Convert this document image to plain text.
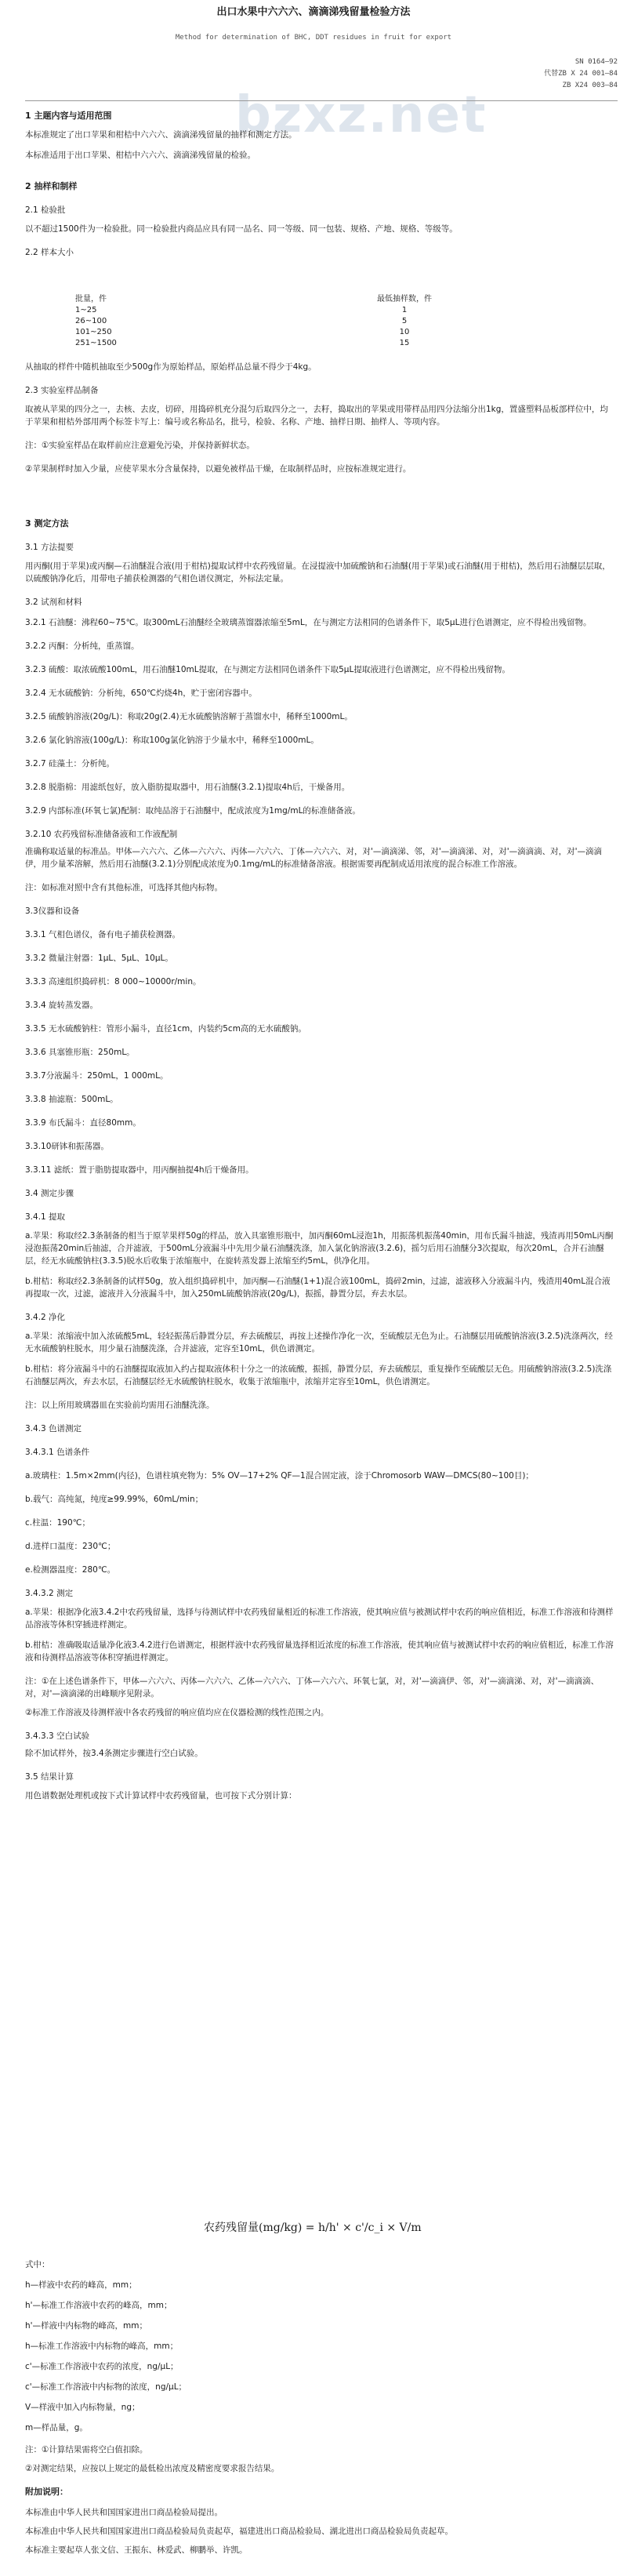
出口水果中六六六、滴滴涕残留量检验方法
Method for determination of BHC, DDT residues in fruit for export
SN 0164—92
代替ZB X 24 001—84
ZB X24 003—84
bzxz.net

1 主题内容与适用范围

本标准规定了出口苹果和柑桔中六六六、滴滴涕残留量的抽样和测定方法。

本标准适用于出口苹果、柑桔中六六六、滴滴涕残留量的检验。

2 抽样和制样

2.1 检验批

以不超过1500件为一检验批。同一检验批内商品应具有同一品名、同一等级、同一包装、规格、产地、规格、等级等。

2.2 样本大小

批量，件	最低抽样数，件
1~25	1
26~100	5
101~250	10
251~1500	15

从抽取的样件中随机抽取至少500g作为原始样品，原始样品总量不得少于4kg。

2.3 实验室样品制备

取被从苹果的四分之一，去核、去皮，切碎，用捣碎机充分混匀后取四分之一，去籽，捣取出的苹果或用带样品用四分法缩分出1kg，置盛塑料品板部样位中，均于苹果和柑桔外部用两个标签卡写上：编号或名称品名，批号，检验、名称、产地、抽样日期、抽样人、等项内容。

注：①实验室样品在取样前应注意避免污染，并保持新鲜状态。

②苹果制样时加入少量，应使苹果水分含量保持，以避免被样品干燥，在取制样品时，应按标准规定进行。

3 测定方法

3.1 方法提要

用丙酮(用于苹果)或丙酮—石油醚混合液(用于柑桔)提取试样中农药残留量。在浸提液中加硫酸钠和石油醚(用于苹果)或石油醚(用于柑桔)，然后用石油醚层层取，以硫酸钠净化后，用带电子捕获检测器的气相色谱仪测定，外标法定量。

3.2 试剂和材料

3.2.1 石油醚：沸程60~75℃。取300mL石油醚经全玻璃蒸馏器浓缩至5mL，在与测定方法相同的色谱条件下，取5μL进行色谱测定，应不得检出残留物。

3.2.2 丙酮：分析纯，重蒸馏。

3.2.3 硫酸：取浓硫酸100mL，用石油醚10mL提取，在与测定方法相同色谱条件下取5μL提取液进行色谱测定，应不得检出残留物。

3.2.4 无水硫酸钠：分析纯，650℃灼烧4h，贮于密闭容器中。

3.2.5 硫酸钠溶液(20g/L)：称取20g(2.4)无水硫酸钠溶解于蒸馏水中，稀释至1000mL。

3.2.6 氯化钠溶液(100g/L)：称取100g氯化钠溶于少量水中，稀释至1000mL。

3.2.7 硅藻土：分析纯。

3.2.8 脱脂棉：用滤纸包好，放入脂肪提取器中，用石油醚(3.2.1)提取4h后，干燥备用。

3.2.9 内部标准(环氧七氯)配制：取纯品溶于石油醚中，配成浓度为1mg/mL的标准储备液。

3.2.10 农药残留标准储备液和工作液配制

准确称取适量的标准品。甲体—六六六、乙体—六六六、丙体—六六六、丁体—六六六、对，对'—滴滴涕、邻，对'—滴滴涕、对，对'—滴滴滴、对，对'—滴滴伊，用少量苯溶解，然后用石油醚(3.2.1)分别配成浓度为0.1mg/mL的标准储备溶液。根据需要再配制成适用浓度的混合标准工作溶液。

注：如标准对照中含有其他标准，可选择其他内标物。

3.3仪器和设备

3.3.1 气相色谱仪，备有电子捕获检测器。

3.3.2 微量注射器：1μL、5μL、10μL。

3.3.3 高速组织捣碎机：8 000~10000r/min。

3.3.4 旋转蒸发器。

3.3.5 无水硫酸钠柱：管形小漏斗，直径1cm，内装约5cm高的无水硫酸钠。

3.3.6 具塞锥形瓶：250mL。

3.3.7分液漏斗：250mL，1 000mL。

3.3.8 抽滤瓶：500mL。

3.3.9 布氏漏斗：直径80mm。

3.3.10研钵和振荡器。

3.3.11 滤纸：置于脂肪提取器中，用丙酮抽提4h后干燥备用。

3.4 测定步骤

3.4.1 提取

a.苹果：称取经2.3条制备的相当于原苹果样50g的样品，放入具塞锥形瓶中，加丙酮60mL浸泡1h，用振荡机振荡40min，用布氏漏斗抽滤，残渣再用50mL丙酮浸泡振荡20min后抽滤，合并滤液，于500mL分液漏斗中先用少量石油醚洗涤，加入氯化钠溶液(3.2.6)，摇匀后用石油醚分3次提取，每次20mL，合并石油醚层，经无水硫酸钠柱(3.3.5)脱水后收集于浓缩瓶中，在旋转蒸发器上浓缩至约5mL，供净化用。

b.柑桔：称取经2.3条制备的试样50g，放入组织捣碎机中，加丙酮—石油醚(1+1)混合液100mL，捣碎2min，过滤，滤液移入分液漏斗内，残渣用40mL混合液再提取一次，过滤，滤液并入分液漏斗中，加入250mL硫酸钠溶液(20g/L)，振摇，静置分层，弃去水层。

3.4.2 净化

a.苹果：浓缩液中加入浓硫酸5mL，轻轻振荡后静置分层，弃去硫酸层，再按上述操作净化一次，至硫酸层无色为止。石油醚层用硫酸钠溶液(3.2.5)洗涤两次，经无水硫酸钠柱脱水，用少量石油醚洗涤，合并滤液，定容至10mL，供色谱测定。

b.柑桔：将分液漏斗中的石油醚提取液加入约占提取液体积十分之一的浓硫酸，振摇，静置分层，弃去硫酸层，重复操作至硫酸层无色。用硫酸钠溶液(3.2.5)洗涤石油醚层两次，弃去水层，石油醚层经无水硫酸钠柱脱水，收集于浓缩瓶中，浓缩并定容至10mL，供色谱测定。

注：以上所用玻璃器皿在实验前均需用石油醚洗涤。

3.4.3 色谱测定

3.4.3.1 色谱条件

a.玻璃柱：1.5m×2mm(内径)，色谱柱填充物为：5% OV—17+2% QF—1混合固定液，涂于Chromosorb WAW—DMCS(80~100目)；

b.载气：高纯氮，纯度≥99.99%，60mL/min；

c.柱温：190℃；

d.进样口温度：230℃；

e.检测器温度：280℃。

3.4.3.2 测定

a.苹果：根据净化液3.4.2中农药残留量，选择与待测试样中农药残留量相近的标准工作溶液，使其响应值与被测试样中农药的响应值相近，标准工作溶液和待测样品溶液等体积穿插进样测定。

b.柑桔：准确吸取适量净化液3.4.2进行色谱测定，根据样液中农药残留量选择相近浓度的标准工作溶液，使其响应值与被测试样中农药的响应值相近，标准工作溶液和待测样品溶液等体积穿插进样测定。

注：①在上述色谱条件下，甲体—六六六、丙体—六六六、乙体—六六六、丁体—六六六、环氧七氯，对，对'—滴滴伊、邻，对'—滴滴涕、对，对'—滴滴滴、对，对'—滴滴涕的出峰顺序见附录。

②标准工作溶液及待测样液中各农药残留的响应值均应在仪器检测的线性范围之内。

3.4.3.3 空白试验

除不加试样外，按3.4条测定步骤进行空白试验。

3.5 结果计算

用色谱数据处理机或按下式计算试样中农药残留量，也可按下式分别计算：

农药残留量(mg/kg) = h/h' × c'/c_i × V/m

式中：

h—样液中农药的峰高，mm；

h'—标准工作溶液中农药的峰高，mm；

h'—样液中内标物的峰高，mm；

h—标准工作溶液中内标物的峰高，mm；

c'—标准工作溶液中农药的浓度，ng/μL；

c'—标准工作溶液中内标物的浓度，ng/μL；

V—样液中加入内标物量，ng；

m—样品量，g。

注：①计算结果需将空白值扣除。

②对测定结果，应按以上规定的最低检出浓度及精密度要求报告结果。

附加说明：

本标准由中华人民共和国国家进出口商品检验局提出。

本标准由中华人民共和国国家进出口商品检验局负责起草，福建进出口商品检验局、湖北进出口商品检验局负责起草。

本标准主要起草人张文信、王振东、林爱武、柳鹏举、许凯。
